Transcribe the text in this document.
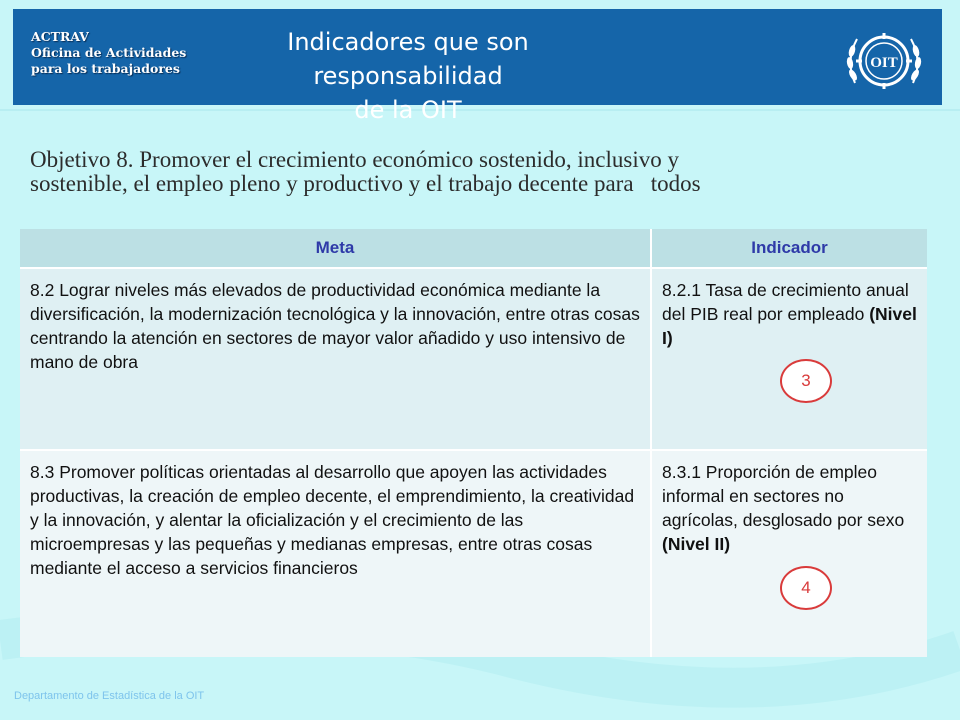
ACTRAV
Oficina de Actividades
para los trabajadores
Indicadores que son responsabilidad
de la OIT
OIT
Objetivo 8. Promover el crecimiento económico sostenido, inclusivo y
sostenible, el empleo pleno y productivo y el trabajo decente para   todos
Meta	Indicador
8.2 Lograr niveles más elevados de productividad económica mediante la diversificación, la modernización tecnológica y la innovación, entre otras cosas centrando la atención en sectores de mayor valor añadido y uso intensivo de mano de obra	8.2.1 Tasa de crecimiento anual del PIB real por empleado (Nivel I)
3

8.3 Promover políticas orientadas al desarrollo que apoyen las actividades productivas, la creación de empleo decente, el emprendimiento, la creatividad y la innovación, y alentar la oficialización y el crecimiento de las microempresas y las pequeñas y medianas empresas, entre otras cosas mediante el acceso a servicios financieros	8.3.1 Proporción de empleo informal en sectores no agrícolas, desglosado por sexo (Nivel II)
4
Departamento de Estadística de la OIT
